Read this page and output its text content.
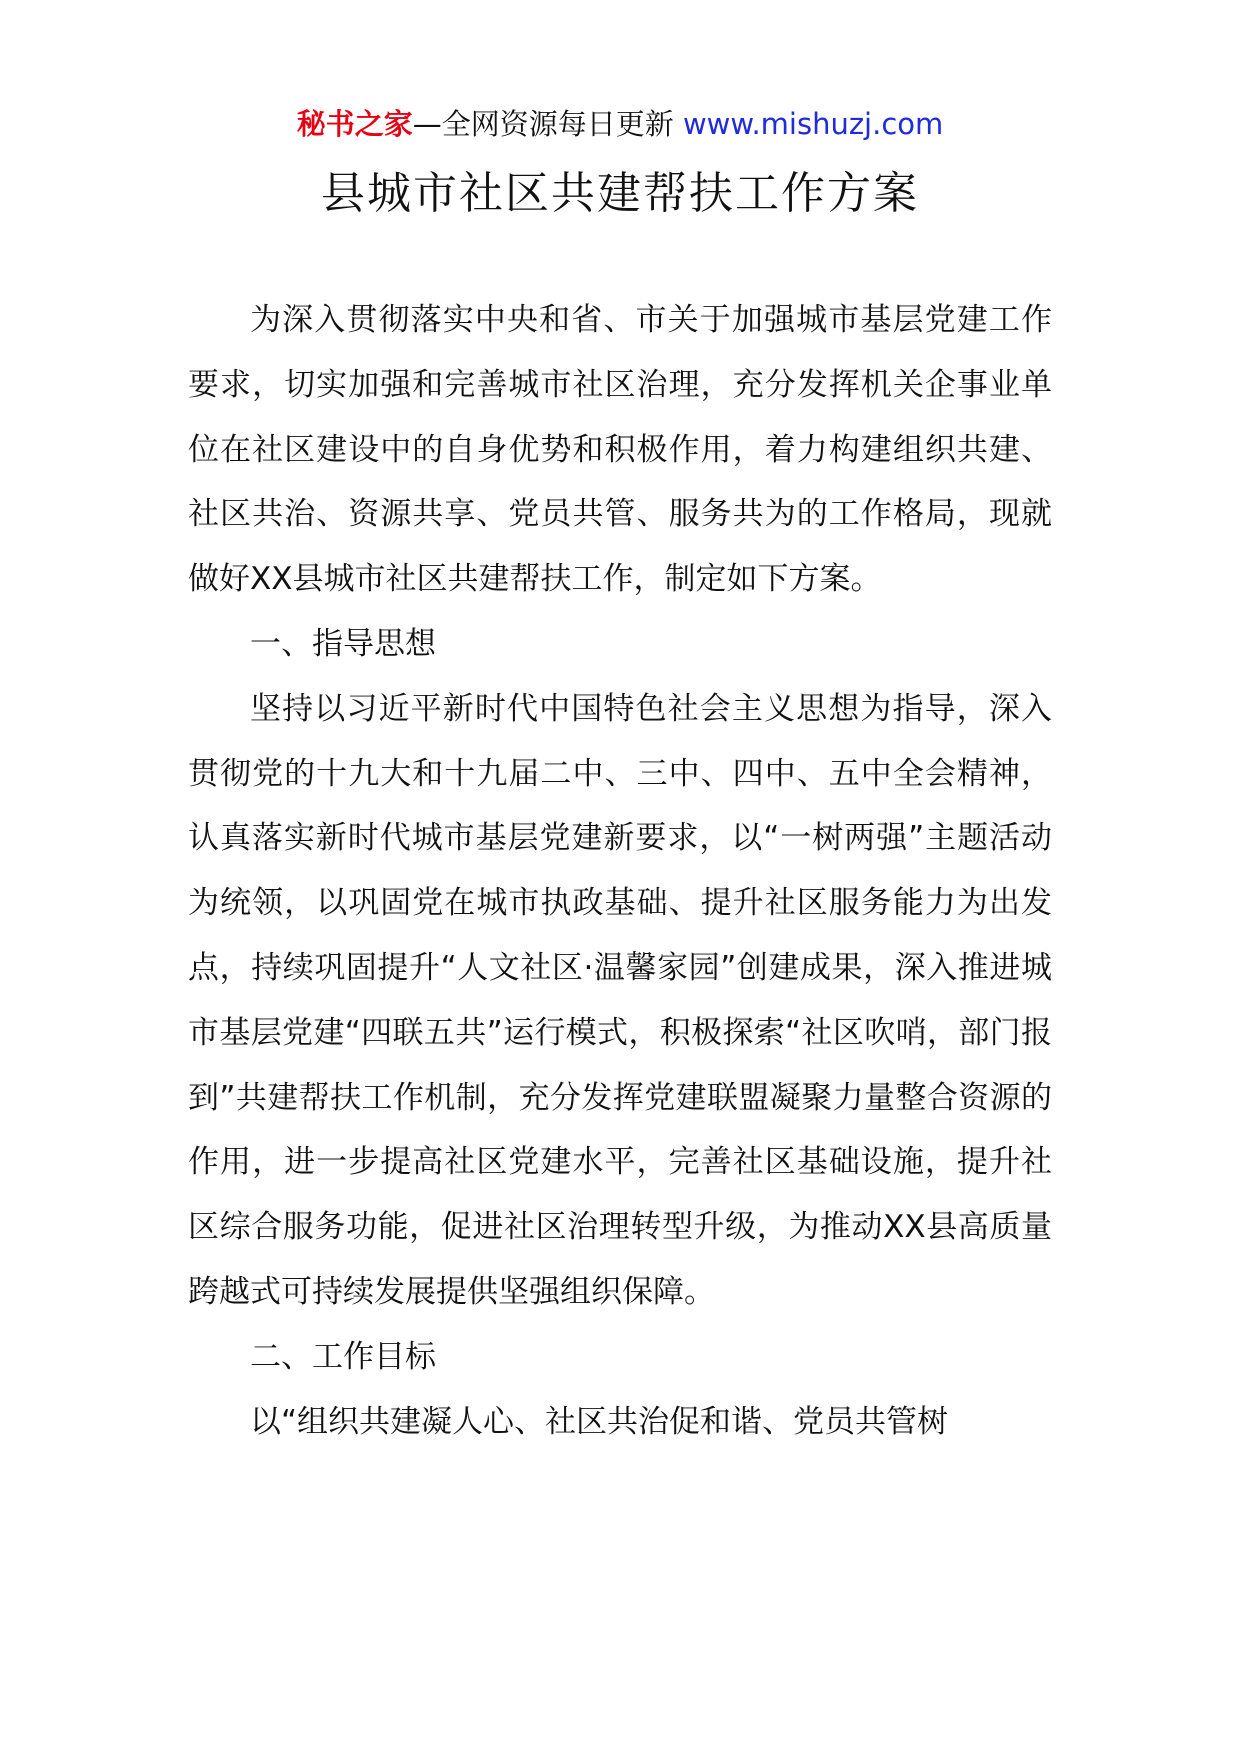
秘书之家—全网资源每日更新 www.mishuzj.com
县城市社区共建帮扶工作方案

为深入贯彻落实中央和省、市关于加强城市基层党建工作要求，切实加强和完善城市社区治理，充分发挥机关企事业单位在社区建设中的自身优势和积极作用，着力构建组织共建、社区共治、资源共享、党员共管、服务共为的工作格局，现就做好XX县城市社区共建帮扶工作，制定如下方案。

一、指导思想

坚持以习近平新时代中国特色社会主义思想为指导，深入贯彻党的十九大和十九届二中、三中、四中、五中全会精神，认真落实新时代城市基层党建新要求，以“一树两强”主题活动为统领，以巩固党在城市执政基础、提升社区服务能力为出发点，持续巩固提升“人文社区·温馨家园”创建成果，深入推进城市基层党建“四联五共”运行模式，积极探索“社区吹哨，部门报到”共建帮扶工作机制，充分发挥党建联盟凝聚力量整合资源的作用，进一步提高社区党建水平，完善社区基础设施，提升社区综合服务功能，促进社区治理转型升级，为推动XX县高质量跨越式可持续发展提供坚强组织保障。

二、工作目标

以“组织共建凝人心、社区共治促和谐、党员共管树
